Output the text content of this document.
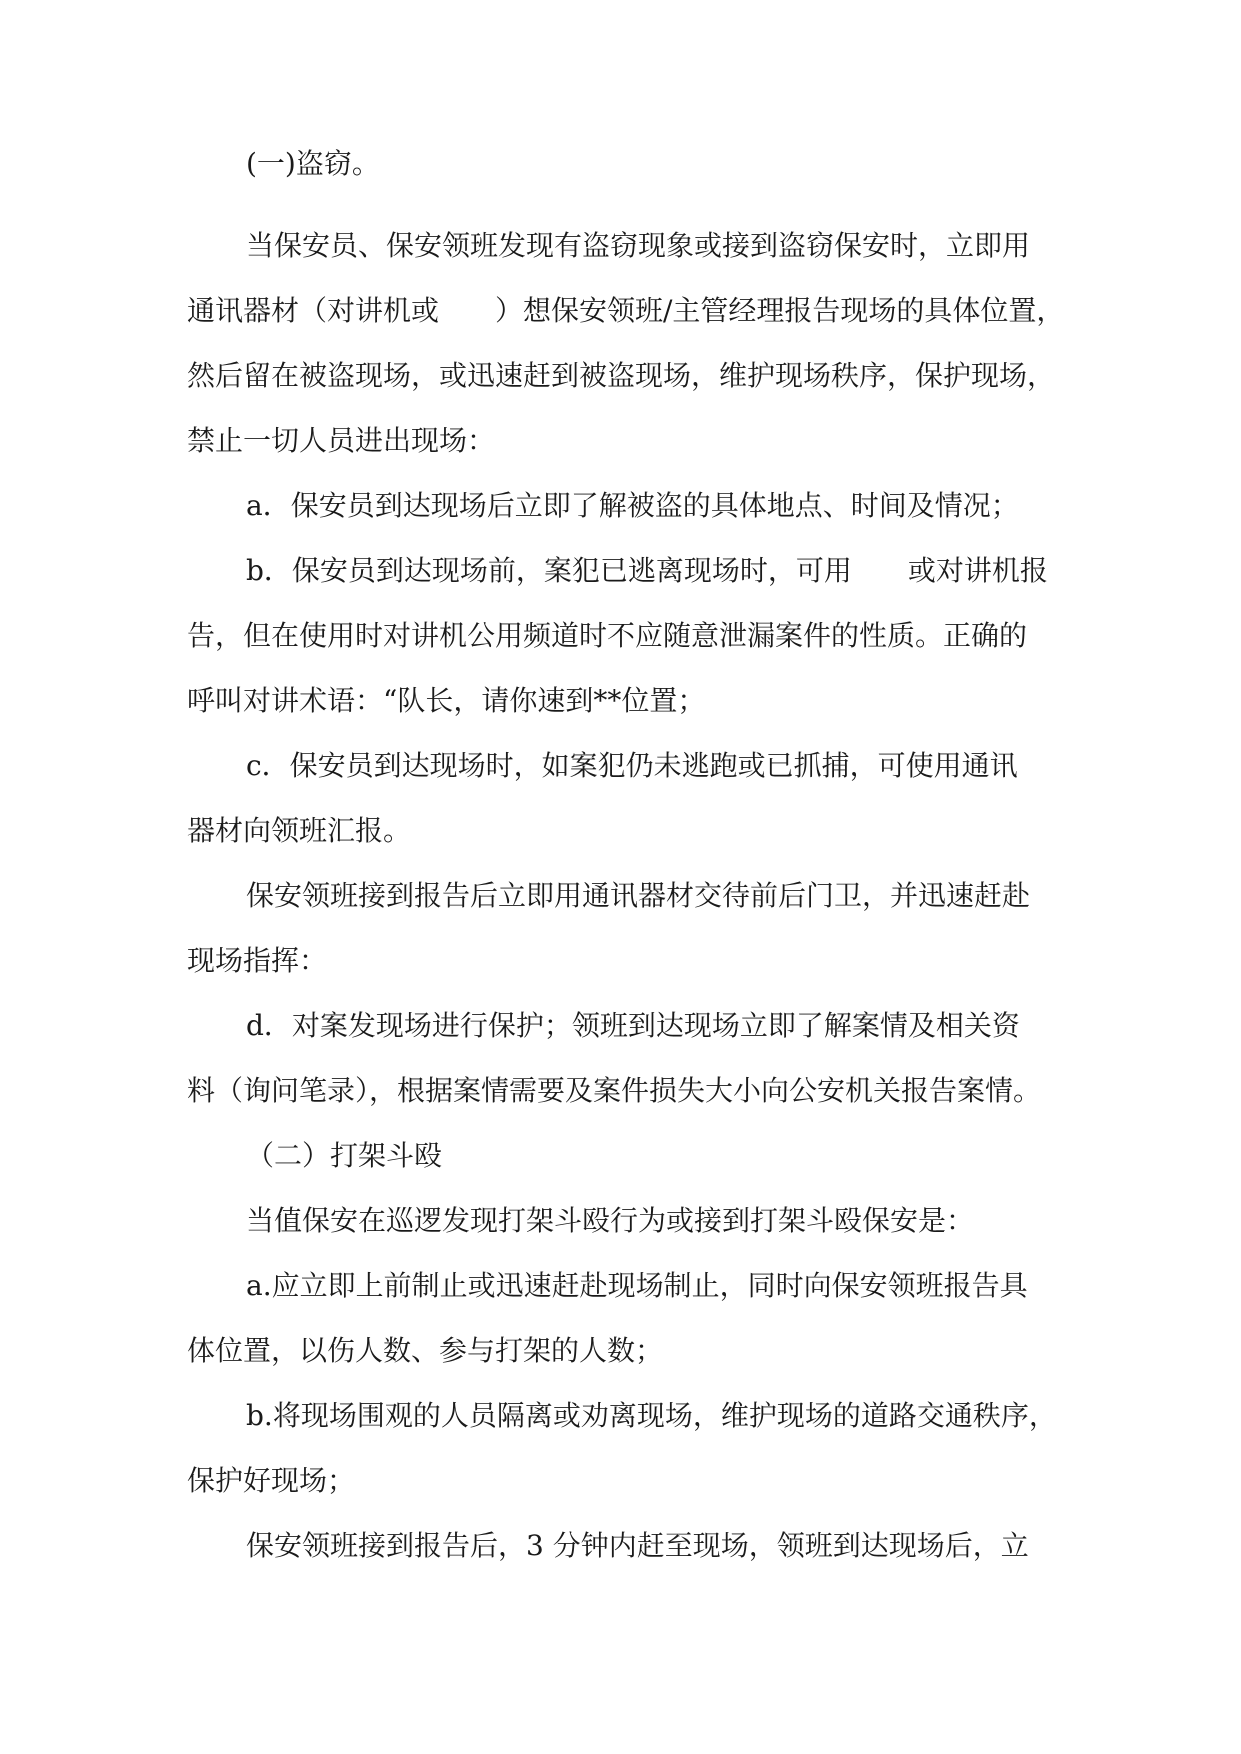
(一)盗窃。

当保安员、保安领班发现有盗窃现象或接到盗窃保安时，立即用

通讯器材（对讲机或　　）想保安领班/主管经理报告现场的具体位置，

然后留在被盗现场，或迅速赶到被盗现场，维护现场秩序，保护现场，

禁止一切人员进出现场：

a．保安员到达现场后立即了解被盗的具体地点、时间及情况；

b．保安员到达现场前，案犯已逃离现场时，可用　　或对讲机报

告，但在使用时对讲机公用频道时不应随意泄漏案件的性质。正确的

呼叫对讲术语：“队长，请你速到**位置；

c．保安员到达现场时，如案犯仍未逃跑或已抓捕，可使用通讯

器材向领班汇报。

保安领班接到报告后立即用通讯器材交待前后门卫，并迅速赶赴

现场指挥：

d．对案发现场进行保护；领班到达现场立即了解案情及相关资

料（询问笔录），根据案情需要及案件损失大小向公安机关报告案情。

（二）打架斗殴

当值保安在巡逻发现打架斗殴行为或接到打架斗殴保安是：

a.应立即上前制止或迅速赶赴现场制止，同时向保安领班报告具

体位置，以伤人数、参与打架的人数；

b.将现场围观的人员隔离或劝离现场，维护现场的道路交通秩序，

保护好现场；

保安领班接到报告后，3 分钟内赶至现场，领班到达现场后，立
